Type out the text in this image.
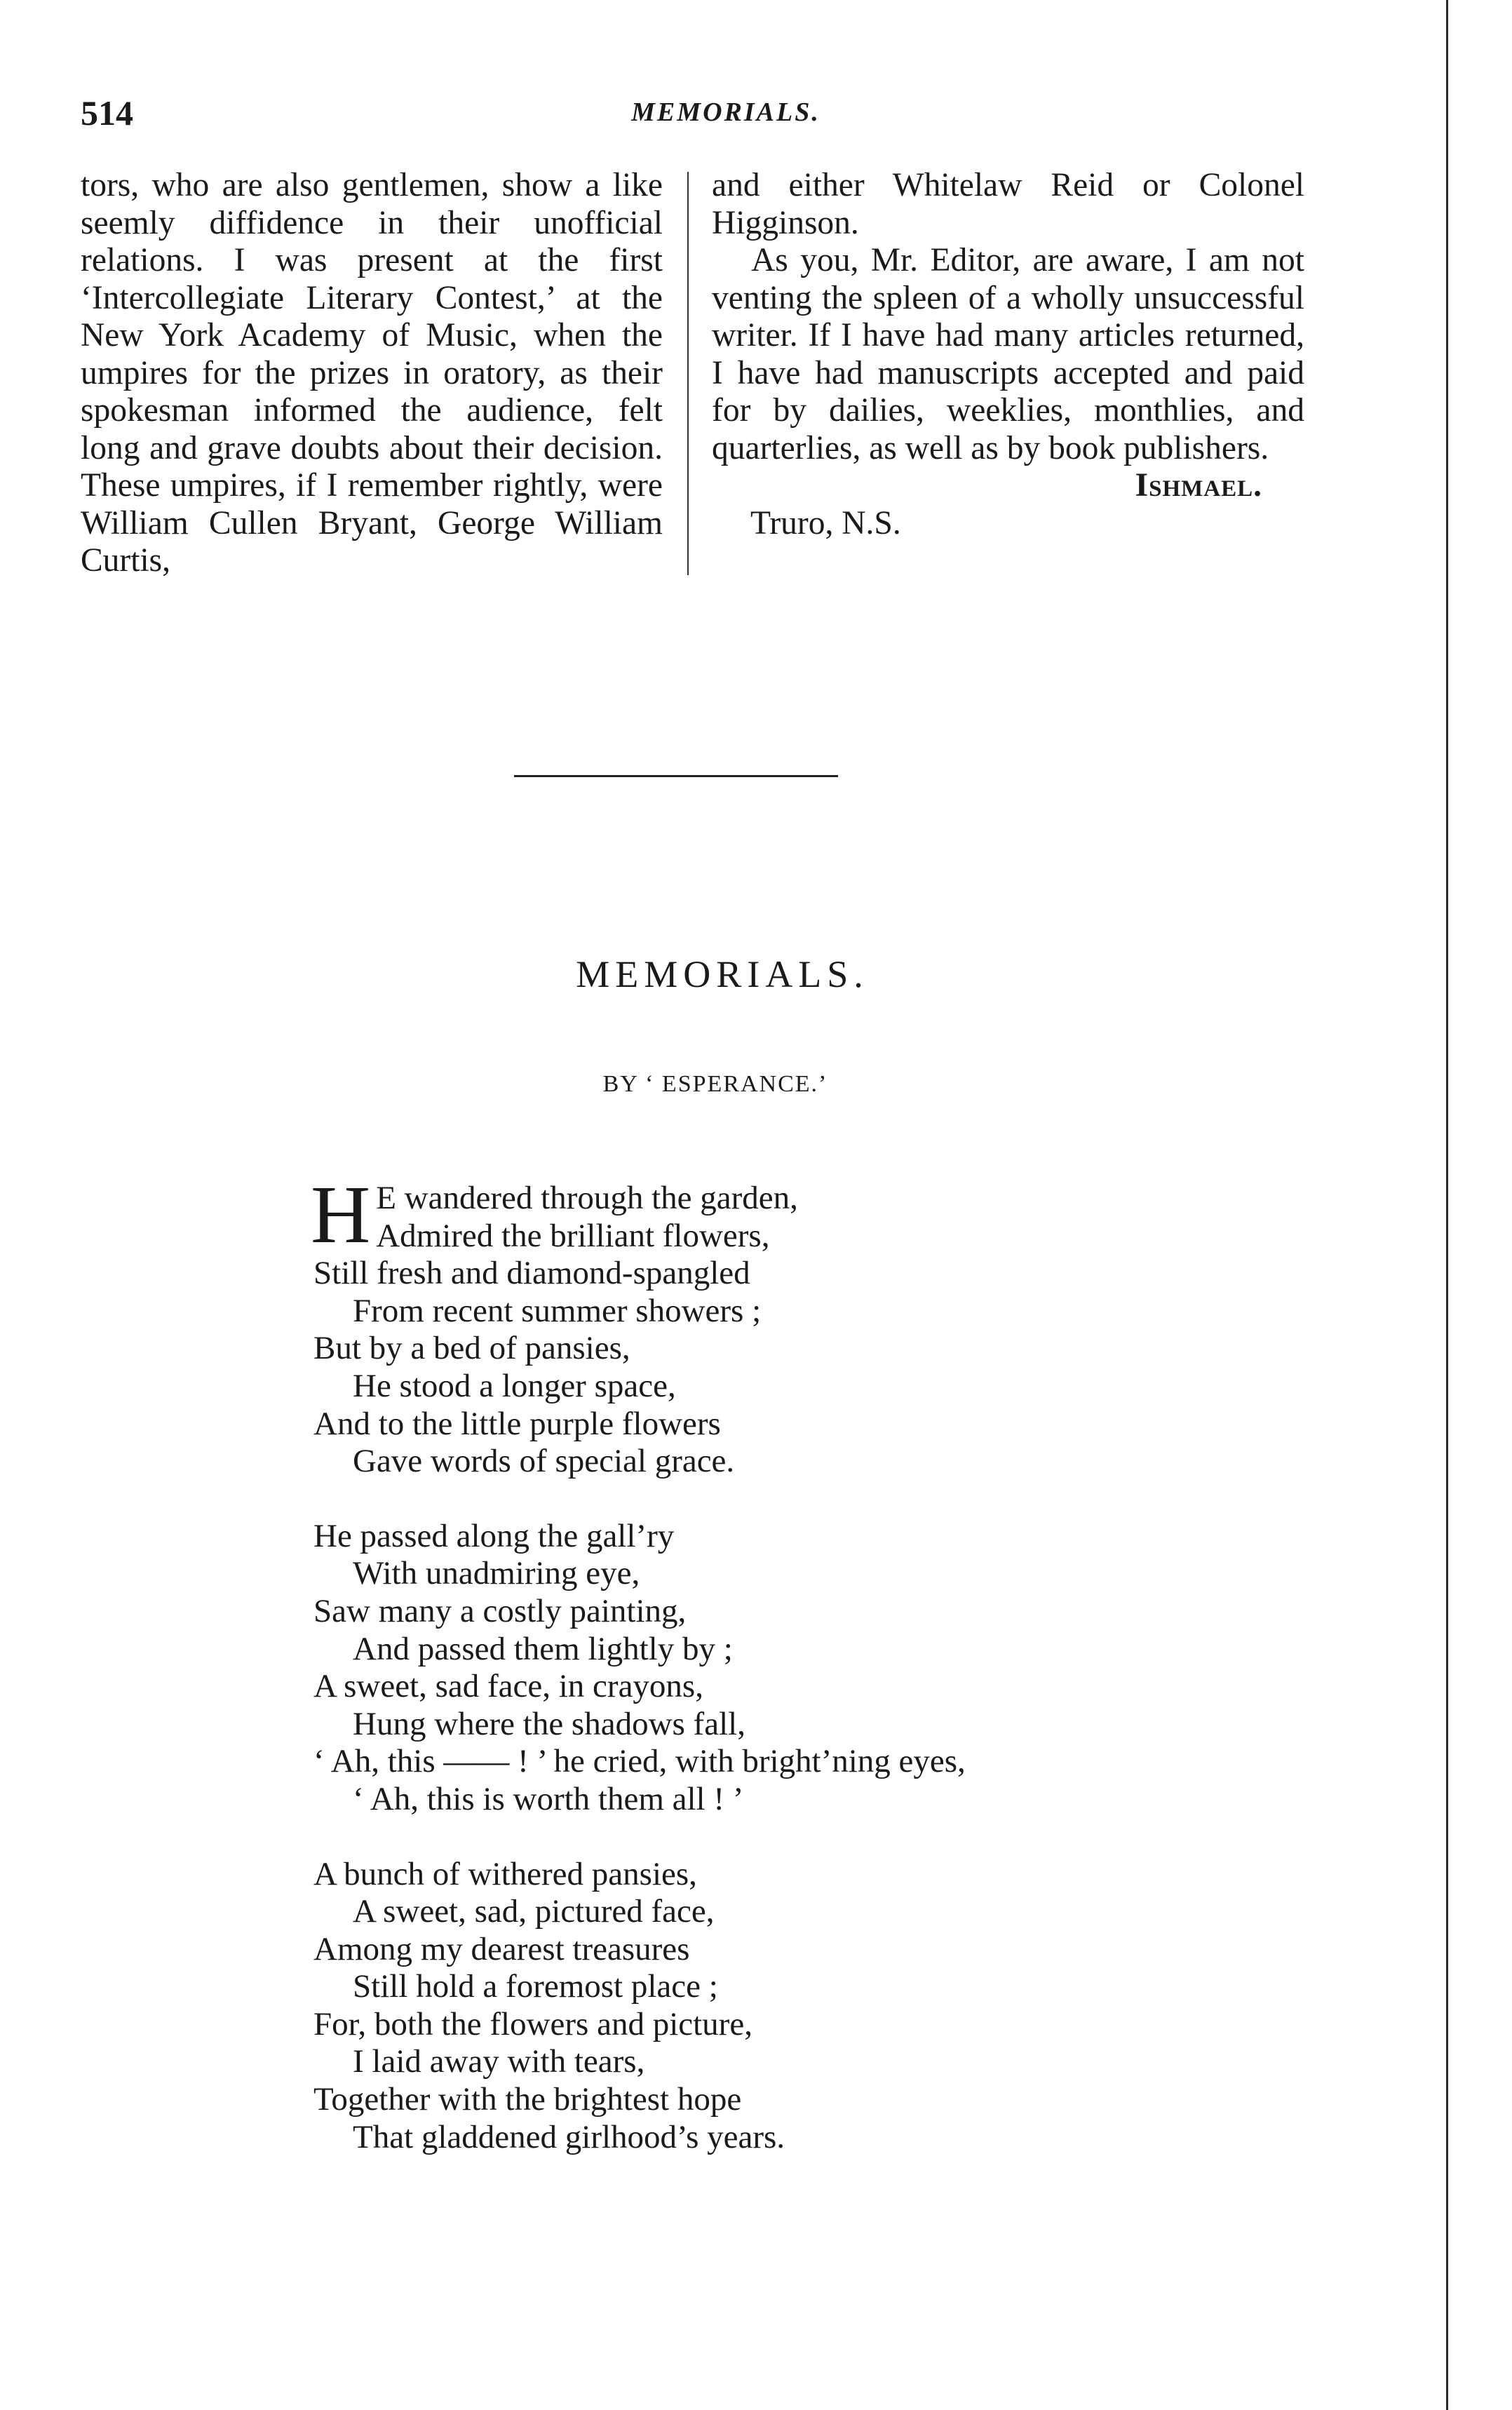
514	MEMORIALS.

tors, who are also gentlemen, show a like seemly diffidence in their unofficial relations. I was present at the first ‘Intercollegiate Literary Contest,’ at the New York Academy of Music, when the umpires for the prizes in oratory, as their spokesman informed the audience, felt long and grave doubts about their decision. These umpires, if I remember rightly, were William Cullen Bryant, George William Curtis,

and either Whitelaw Reid or Colonel Higginson.

As you, Mr. Editor, are aware, I am not venting the spleen of a wholly unsuccessful writer. If I have had many articles returned, I have had manuscripts accepted and paid for by dailies, weeklies, monthlies, and quarterlies, as well as by book publishers.

Ishmael.

Truro, N.S.

MEMORIALS.
BY ‘ ESPERANCE.’
H E wandered through the garden,
Admired the brilliant flowers,
Still fresh and diamond-spangled
From recent summer showers ;
But by a bed of pansies,
He stood a longer space,
And to the little purple flowers
Gave words of special grace.
He passed along the gall’ry
With unadmiring eye,
Saw many a costly painting,
And passed them lightly by ;
A sweet, sad face, in crayons,
Hung where the shadows fall,
‘ Ah, this —— ! ’ he cried, with bright’ning eyes,
‘ Ah, this is worth them all ! ’
A bunch of withered pansies,
A sweet, sad, pictured face,
Among my dearest treasures
Still hold a foremost place ;
For, both the flowers and picture,
I laid away with tears,
Together with the brightest hope
That gladdened girlhood’s years.
